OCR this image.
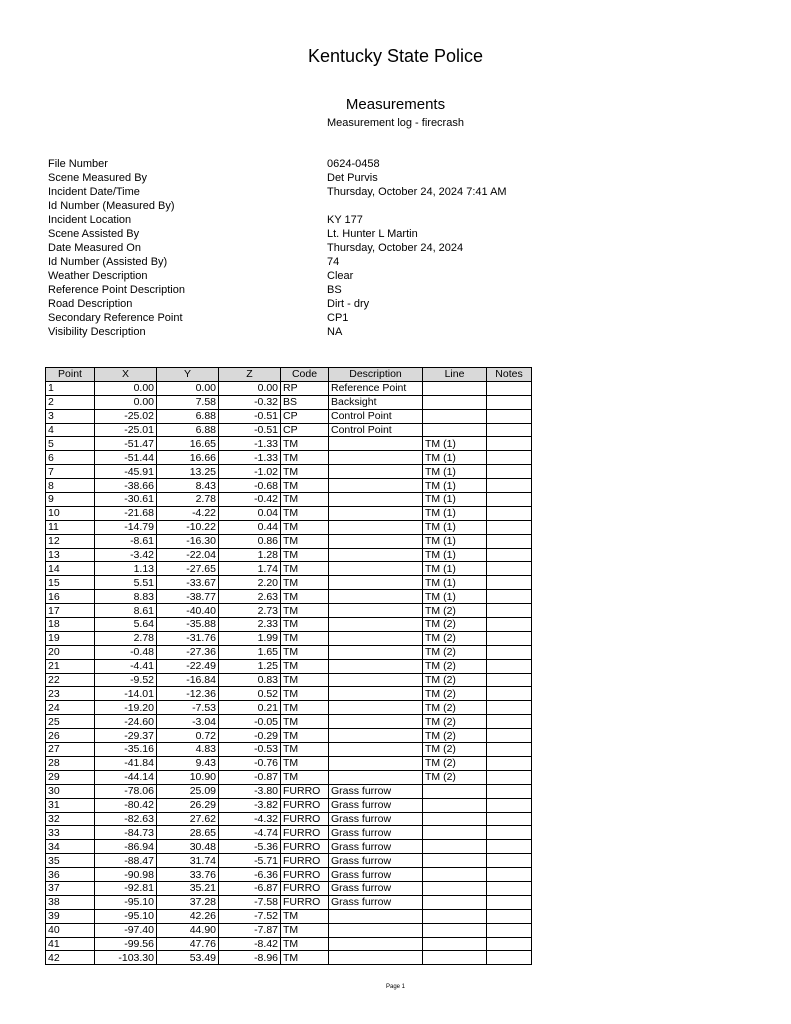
Kentucky State Police
Measurements
Measurement log - firecrash
File Number	0624-0458
Scene Measured By	Det Purvis
Incident Date/Time	Thursday, October 24, 2024 7:41 AM
Id Number (Measured By)
Incident Location	KY 177
Scene Assisted By	Lt. Hunter L Martin
Date Measured On	Thursday, October 24, 2024
Id Number (Assisted By)	74
Weather Description	Clear
Reference Point Description	BS
Road Description	Dirt - dry
Secondary Reference Point	CP1
Visibility Description	NA
Point	X	Y	Z	Code	Description	Line	Notes
1	0.00	0.00	0.00	RP	Reference Point		
2	0.00	7.58	-0.32	BS	Backsight		
3	-25.02	6.88	-0.51	CP	Control Point		
4	-25.01	6.88	-0.51	CP	Control Point		
5	-51.47	16.65	-1.33	TM		TM (1)	
6	-51.44	16.66	-1.33	TM		TM (1)	
7	-45.91	13.25	-1.02	TM		TM (1)	
8	-38.66	8.43	-0.68	TM		TM (1)	
9	-30.61	2.78	-0.42	TM		TM (1)	
10	-21.68	-4.22	0.04	TM		TM (1)	
11	-14.79	-10.22	0.44	TM		TM (1)	
12	-8.61	-16.30	0.86	TM		TM (1)	
13	-3.42	-22.04	1.28	TM		TM (1)	
14	1.13	-27.65	1.74	TM		TM (1)	
15	5.51	-33.67	2.20	TM		TM (1)	
16	8.83	-38.77	2.63	TM		TM (1)	
17	8.61	-40.40	2.73	TM		TM (2)	
18	5.64	-35.88	2.33	TM		TM (2)	
19	2.78	-31.76	1.99	TM		TM (2)	
20	-0.48	-27.36	1.65	TM		TM (2)	
21	-4.41	-22.49	1.25	TM		TM (2)	
22	-9.52	-16.84	0.83	TM		TM (2)	
23	-14.01	-12.36	0.52	TM		TM (2)	
24	-19.20	-7.53	0.21	TM		TM (2)	
25	-24.60	-3.04	-0.05	TM		TM (2)	
26	-29.37	0.72	-0.29	TM		TM (2)	
27	-35.16	4.83	-0.53	TM		TM (2)	
28	-41.84	9.43	-0.76	TM		TM (2)	
29	-44.14	10.90	-0.87	TM		TM (2)	
30	-78.06	25.09	-3.80	FURRO	Grass furrow		
31	-80.42	26.29	-3.82	FURRO	Grass furrow		
32	-82.63	27.62	-4.32	FURRO	Grass furrow		
33	-84.73	28.65	-4.74	FURRO	Grass furrow		
34	-86.94	30.48	-5.36	FURRO	Grass furrow		
35	-88.47	31.74	-5.71	FURRO	Grass furrow		
36	-90.98	33.76	-6.36	FURRO	Grass furrow		
37	-92.81	35.21	-6.87	FURRO	Grass furrow		
38	-95.10	37.28	-7.58	FURRO	Grass furrow		
39	-95.10	42.26	-7.52	TM			
40	-97.40	44.90	-7.87	TM			
41	-99.56	47.76	-8.42	TM			
42	-103.30	53.49	-8.96	TM			
Page 1
